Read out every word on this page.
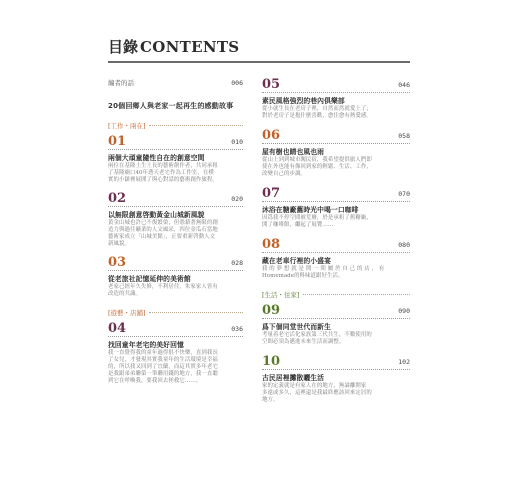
目錄 CONTENTS
編者的話	006
20個回鄉人與老家一起再生的感動故事
[ 工作・兩在 ]
01	010
兩個大頑童隨性自在的創意空間
兩位在基隆土生土長的藝術創作者，共同承租
了基隆廟口40年透天老宅作為工作室，在樸
實的小鎮裡展開了與心對話的藝術創作旅程。
02	020
以無限創意啓動黃金山城新風貌
黃金山城也許已不復繁榮，但憑藉著無限的創
造力與過往礦業的人文風采，四位金瓜石當地
藝術家成立「山城美館」，正要重新啓動人文
新風貌。
03	028
從老旅社記憶延伸的美術館
老家已經年久失修，不利居住，朱家家人皆有
改造的共識。
[ 遊藝・店舖 ]
04	036
找回童年老宅的美好回憶
我一直覺得我的童年過得很不快樂，直到我長
了女兒，才發現其實我童年的生活環境是幸福
的，所以我又回到了宜蘭，而這其實多年老宅
是我跟弟弟聯第一筆聯用錢的地方，我一直聽
到它在呼喚我，要我回去拯救它……。
05	046
素民風格強烈的巷內俱樂部
從小就生長在老房子裡，自然而然就愛上了；
對於老房子是抱什麼喜歡，愈住愈有熱愛感。
06	058
屋有樹也睛也風也雨
從山上到到城市闖民宿，我希望提供旅人們即
使在外也能有像回到家的輕鬆、生活、工作，
改變自己的步調。
07	070
沐浴在糖廠舊時光中喝一口咖啡
因爲我不停空間被荒廢，於是承租了舊糖廠，
開了咖啡館，繼起了展覽……
08	080
藏在老車行裡的小盛宴
我 的 夢 想 就 是 開 一 間 屬 於 自 己 的 店 ， 有
Homemade的料味道跟好生活。
[ 生活・住家 ]
09	090
爲下個同堂世代而新生
考量着老宅活化家族第三代共生，不數使用的
空間必須為邁進未來生活而調整。
10	102
古民居裡攤散曬生活
家的定義就是有家人在的地方，無論離開家
多遠或多久，這裡還是我最終應該回來定居的
地方。
